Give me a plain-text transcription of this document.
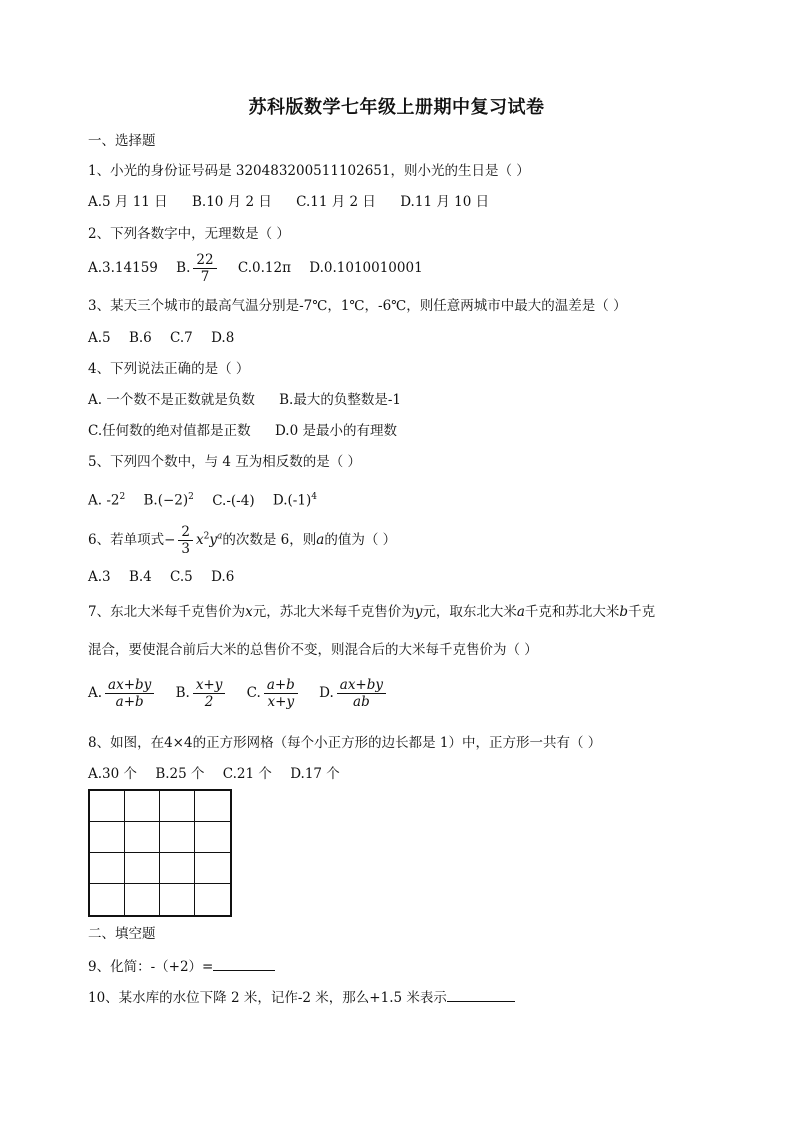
苏科版数学七年级上册期中复习试卷
一、选择题
1、小光的身份证号码是 320483200511102651，则小光的生日是（ ）
A.5 月 11 日 B.10 月 2 日 C.11 月 2 日 D.11 月 10 日
2、下列各数字中，无理数是（ ）
A.3.14159 B. $\frac{22}{7} C.0.12\pi$ D.0.1010010001
3、某天三个城市的最高气温分别是-7℃，1℃，-6℃，则任意两城市中最大的温差是（ ）
A.5 B.6 C.7 D.8
4、下列说法正确的是（ ）
A. 一个数不是正数就是负数 B.最大的负整数是-1
C.任何数的绝对值都是正数 D.0 是最小的有理数
5、下列四个数中，与 4 互为相反数的是（ ）
A. $-2^2$ $B.(-2)^2$ C.-(-4) $D.(-1)^4$
6、若单项式− $\frac{2}{3} x^2y^a$的次数是 6，则a的值为（ ）
A.3 B.4 C.5 D.6
7、东北大米每千克售价为x元，苏北大米每千克售价为y元，取东北大米a千克和苏北大米b千克
混合，要使混合前后大米的总售价不变，则混合后的大米每千克售价为（ ）
A. $\frac{ax+by}{a+b} B$. $\frac{x+y}{2} C$. $\frac{a+b}{x+y} D$. $\frac{ax+by}{ab}$
8、如图，在4×4的正方形网格（每个小正方形的边长都是 1）中，正方形一共有（ ）
A.30 个 B.25 个 C.21 个 D.17 个
二、填空题
9、化简：-（+2）=
10、某水库的水位下降 2 米，记作-2 米，那么+1.5 米表示
